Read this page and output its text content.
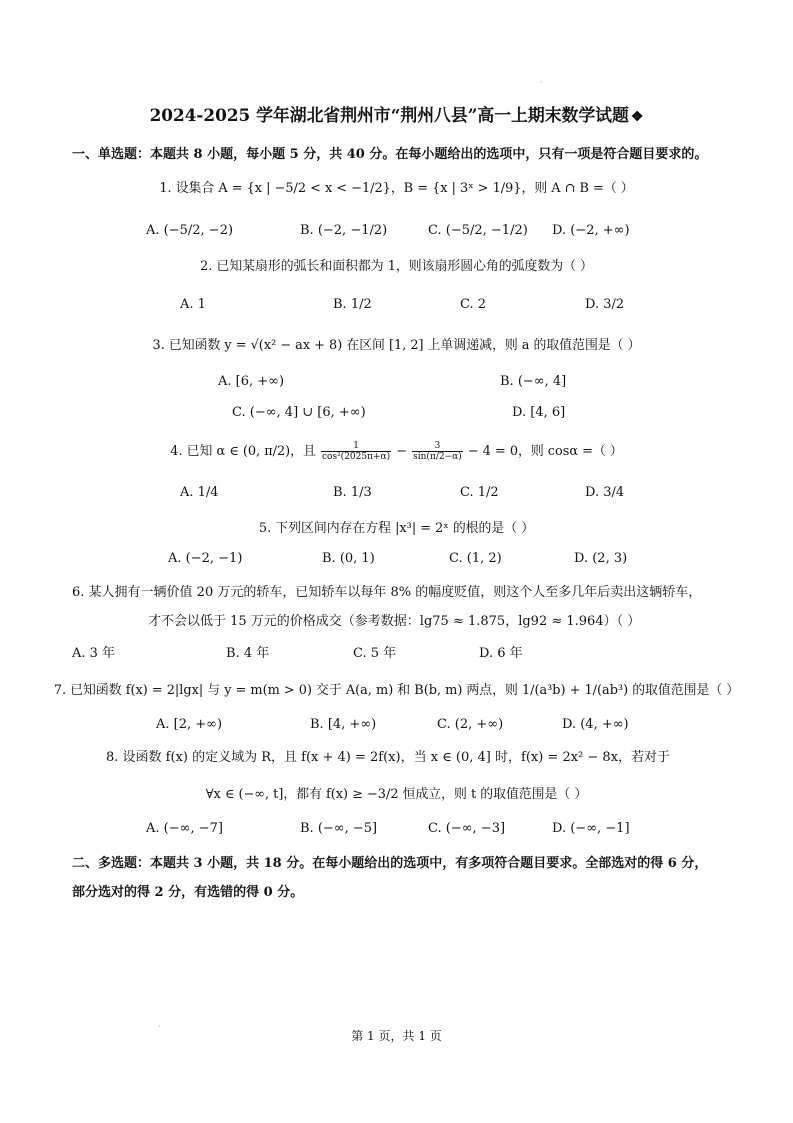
·
2024-2025 学年湖北省荆州市“荆州八县”高一上期末数学试题 ❖
一、单选题：本题共 8 小题，每小题 5 分，共 40 分。在每小题给出的选项中，只有一项是符合题目要求的。
1. 设集合 A = {x | −5/2 < x < −1/2}，B = {x | 3ˣ > 1/9}，则 A ∩ B =（ ）
A. (−5/2, −2)	B. (−2, −1/2)	C. (−5/2, −1/2) D. (−2, +∞)
2. 已知某扇形的弧长和面积都为 1，则该扇形圆心角的弧度数为（ ）
A. 1	B. 1/2	C. 2	D. 3/2
3. 已知函数 y = √(x² − ax + 8) 在区间 [1, 2] 上单调递减，则 a 的取值范围是（ ）
A. [6, +∞)	B. (−∞, 4]
C. (−∞, 4] ∪ [6, +∞)	D. [4, 6]
4. 已知 α ∈ (0, π/2)，且 $\frac{1}{\text{cos²(2025π+α)}} - \frac{3}{\sin(\pi/2-\alpha)} - 4 = 0$，则 cosα =（ ）
A. 1/4	B. 1/3	C. 1/2	D. 3/4
5. 下列区间内存在方程 |x³| = 2ˣ 的根的是（ ）
A. (−2, −1)	B. (0, 1)	C. (1, 2)	D. (2, 3)
6. 某人拥有一辆价值 20 万元的轿车，已知轿车以每年 8% 的幅度贬值，则这个人至多几年后卖出这辆轿车，
才不会以低于 15 万元的价格成交（参考数据：lg75 ≈ 1.875，lg92 ≈ 1.964）（ ）
A. 3 年	B. 4 年	C. 5 年	D. 6 年
7. 已知函数 f(x) = 2|lgx| 与 y = m(m > 0) 交于 A(a, m) 和 B(b, m) 两点，则 1/(a³b) + 1/(ab³) 的取值范围是（ ）
A. [2, +∞)	B. [4, +∞)	C. (2, +∞)	D. (4, +∞)
8. 设函数 f(x) 的定义域为 R，且 f(x + 4) = 2f(x)，当 x ∈ (0, 4] 时，f(x) = 2x² − 8x，若对于
∀x ∈ (−∞, t]，都有 f(x) ≥ −3/2 恒成立，则 t 的取值范围是（ ）
A. (−∞, −7]	B. (−∞, −5]	C. (−∞, −3]	D. (−∞, −1]
二、多选题：本题共 3 小题，共 18 分。在每小题给出的选项中，有多项符合题目要求。全部选对的得 6 分，
部分选对的得 2 分，有选错的得 0 分。
·
第 1 页，共 1 页
